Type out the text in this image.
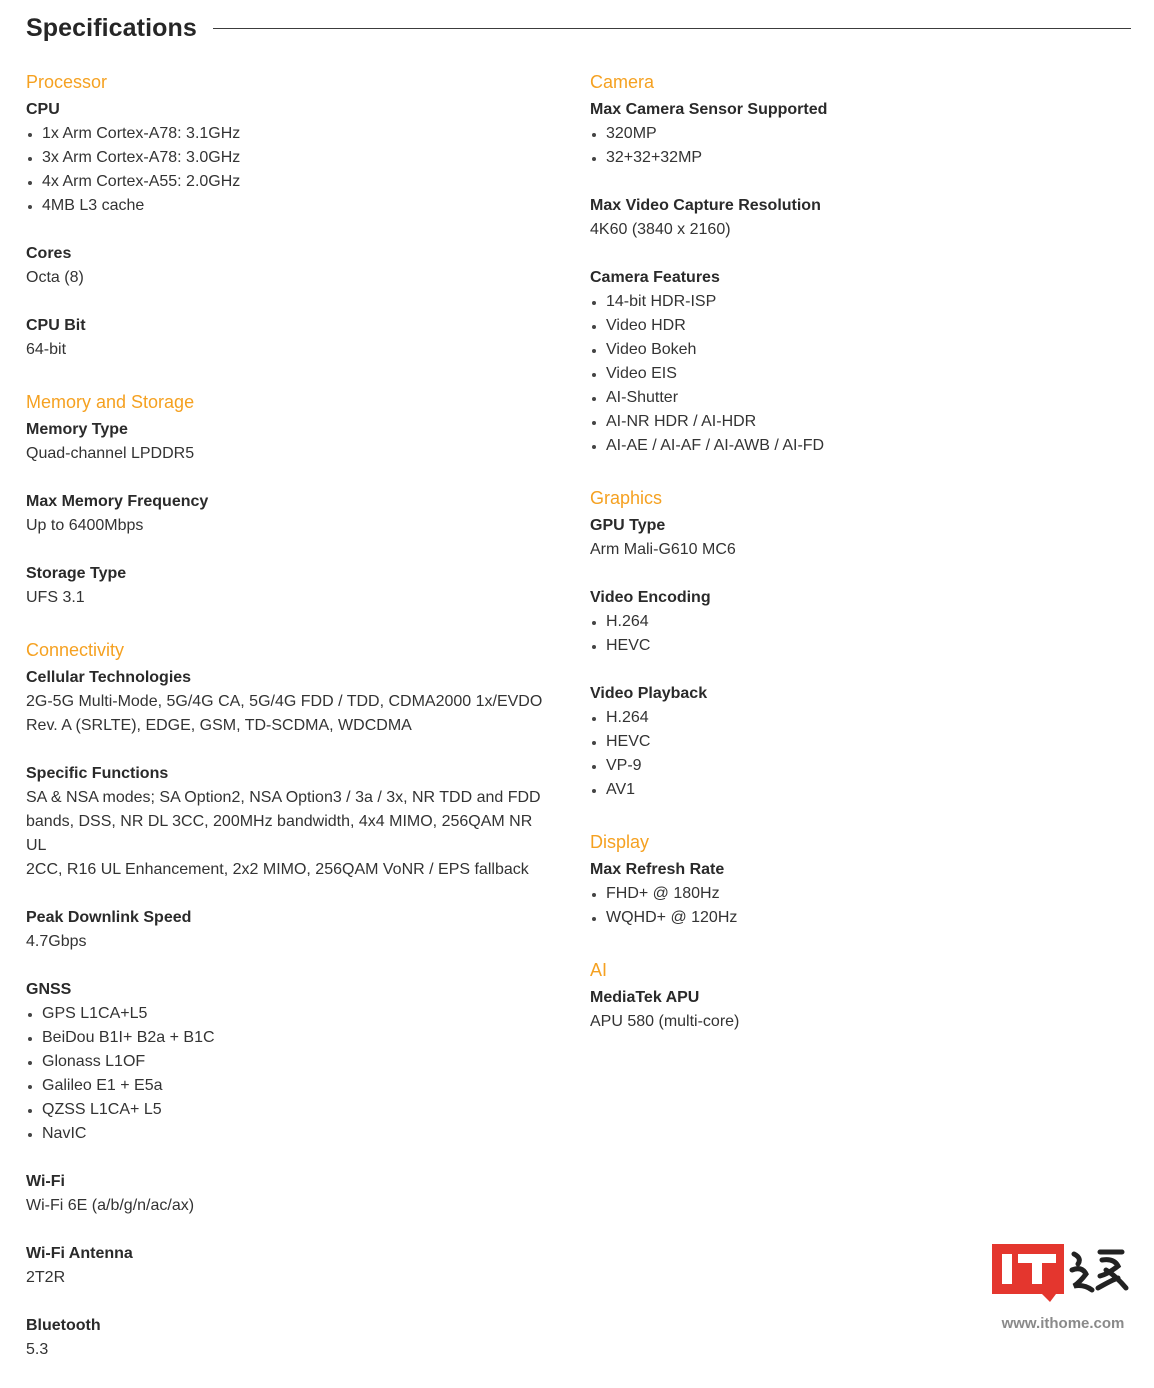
Specifications
Processor
CPU
1x Arm Cortex-A78: 3.1GHz
3x Arm Cortex-A78: 3.0GHz
4x Arm Cortex-A55: 2.0GHz
4MB L3 cache
Cores
Octa (8)
CPU Bit
64-bit
Memory and Storage
Memory Type
Quad-channel LPDDR5
Max Memory Frequency
Up to 6400Mbps
Storage Type
UFS 3.1
Connectivity
Cellular Technologies
2G-5G Multi-Mode, 5G/4G CA, 5G/4G FDD / TDD, CDMA2000 1x/EVDO
Rev. A (SRLTE), EDGE, GSM, TD-SCDMA, WDCDMA
Specific Functions
SA & NSA modes; SA Option2, NSA Option3 / 3a / 3x, NR TDD and FDD
bands, DSS, NR DL 3CC, 200MHz bandwidth, 4x4 MIMO, 256QAM NR UL
2CC, R16 UL Enhancement, 2x2 MIMO, 256QAM VoNR / EPS fallback
Peak Downlink Speed
4.7Gbps
GNSS
GPS L1CA+L5
BeiDou B1I+ B2a + B1C
Glonass L1OF
Galileo E1 + E5a
QZSS L1CA+ L5
NavIC
Wi-Fi
Wi-Fi 6E (a/b/g/n/ac/ax)
Wi-Fi Antenna
2T2R
Bluetooth
5.3
Camera
Max Camera Sensor Supported
320MP
32+32+32MP
Max Video Capture Resolution
4K60 (3840 x 2160)
Camera Features
14-bit HDR-ISP
Video HDR
Video Bokeh
Video EIS
AI-Shutter
AI-NR HDR / AI-HDR
AI-AE / AI-AF / AI-AWB / AI-FD
Graphics
GPU Type
Arm Mali-G610 MC6
Video Encoding
H.264
HEVC
Video Playback
H.264
HEVC
VP-9
AV1
Display
Max Refresh Rate
FHD+ @ 180Hz
WQHD+ @ 120Hz
AI
MediaTek APU
APU 580 (multi-core)
www.ithome.com
